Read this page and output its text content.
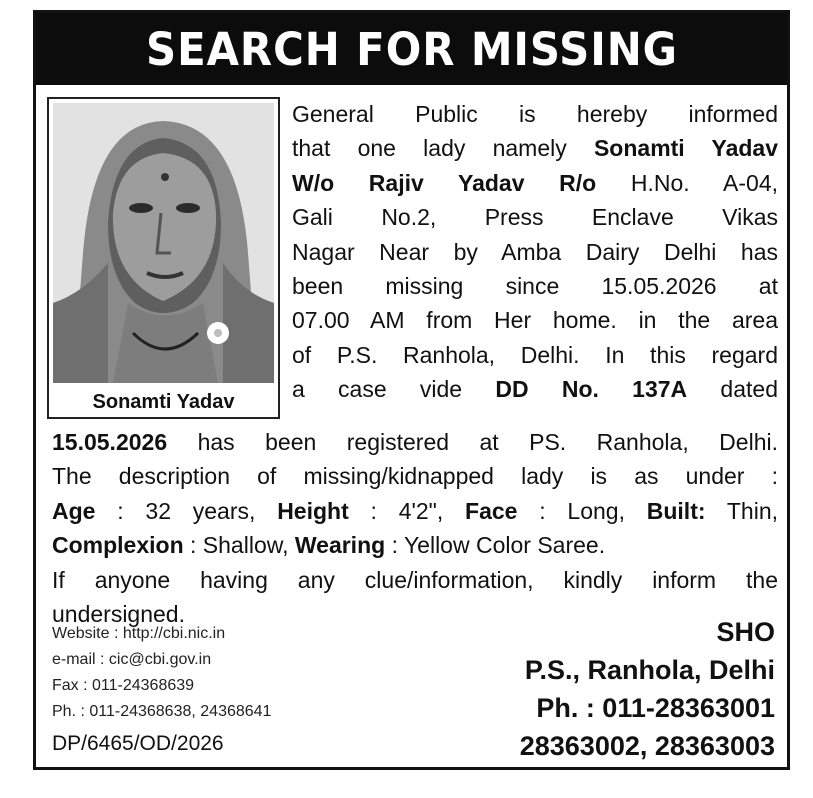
SEARCH FOR MISSING
Sonamti Yadav
General Public is hereby informed
that one lady namely Sonamti Yadav
W/o Rajiv Yadav R/o H.No. A-04,
Gali No.2, Press Enclave Vikas
Nagar Near by Amba Dairy Delhi has
been missing since 15.05.2026 at
07.00 AM from Her home. in the area
of P.S. Ranhola, Delhi. In this regard
a case vide DD No. 137A dated
15.05.2026 has been registered at PS. Ranhola, Delhi.
The description of missing/kidnapped lady is as under :
Age : 32 years, Height : 4'2", Face : Long, Built: Thin,
Complexion : Shallow, Wearing : Yellow Color Saree.
If anyone having any clue/information, kindly inform the
undersigned.
Website : http://cbi.nic.in
e-mail : cic@cbi.gov.in
Fax : 011-24368639
Ph. : 011-24368638, 24368641
DP/6465/OD/2026
SHO
P.S., Ranhola, Delhi
Ph. : 011-28363001
28363002, 28363003
